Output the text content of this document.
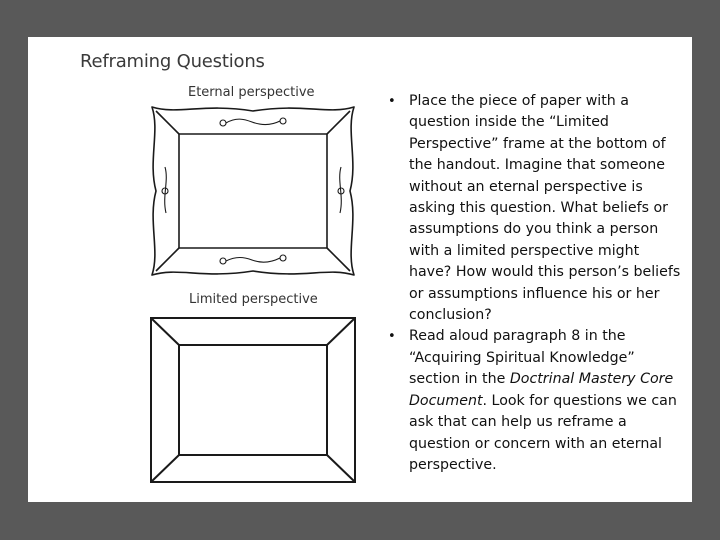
Reframing Questions
Eternal perspective
Limited perspective
• Place the piece of paper with a question inside the “Limited Perspective” frame at the bottom of the handout. Imagine that someone without an eternal perspective is asking this question. What beliefs or assumptions do you think a person with a limited perspective might have? How would this person’s beliefs or assumptions influence his or her conclusion?
• Read aloud paragraph 8 in the “Acquiring Spiritual Knowledge” section in the Doctrinal Mastery Core Document. Look for questions we can ask that can help us reframe a question or concern with an eternal perspective.
